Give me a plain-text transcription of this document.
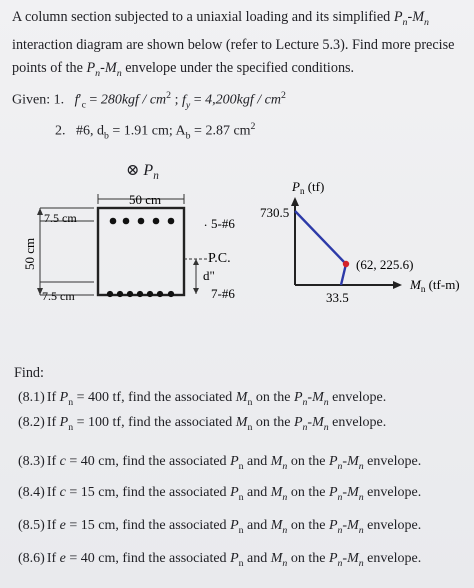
A column section subjected to a uniaxial loading and its simplified $P_n-M_n$ interaction diagram are shown below (refer to Lecture 5.3). Find more precise points of the $P_n-M_n$ envelope under the specified conditions.
Given: 1. $f'_c = 280kgf / cm^2$ ; $f_y = 4,200kgf / cm^2$
2. #6, $d_b = 1.91$ cm; $A_b = 2.87$ $cm^2$
⊗ $P_n$
50 cm
7.5 cm
7.5 cm
50 cm
. 5-#6
P.C.
d"
7-#6
$P_n$ (tf)
730.5
33.5
(62, 225.6)
$M_n$ (tf-m)
Find:
(8.1) If $P_n = 400$ tf, find the associated $M_n$ on the $P_n-M_n$ envelope.
(8.2) If $P_n = 100$ tf, find the associated $M_n$ on the $P_n-M_n$ envelope.
(8.3) If c = 40 cm, find the associated $P_n$ and $M_n$ on the $P_n-M_n$ envelope.
(8.4) If c = 15 cm, find the associated $P_n$ and $M_n$ on the $P_n-M_n$ envelope.
(8.5) If e = 15 cm, find the associated $P_n$ and $M_n$ on the $P_n-M_n$ envelope.
(8.6) If e = 40 cm, find the associated $P_n$ and $M_n$ on the $P_n-M_n$ envelope.
